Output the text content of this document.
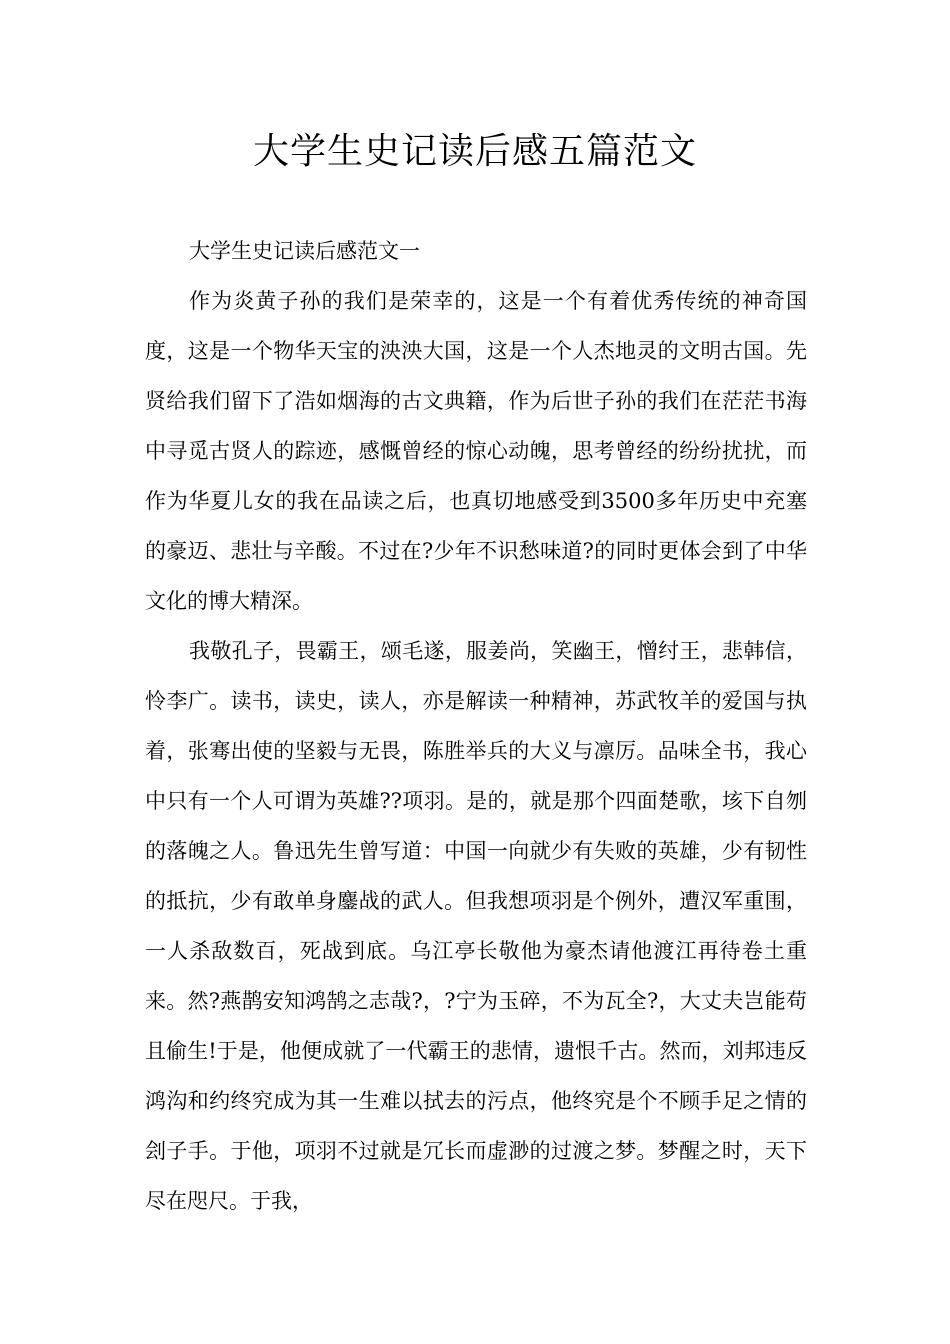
大学生史记读后感五篇范文

大学生史记读后感范文一

作为炎黄子孙的我们是荣幸的，这是一个有着优秀传统的神奇国度，这是一个物华天宝的泱泱大国，这是一个人杰地灵的文明古国。先贤给我们留下了浩如烟海的古文典籍，作为后世子孙的我们在茫茫书海中寻觅古贤人的踪迹，感慨曾经的惊心动魄，思考曾经的纷纷扰扰，而作为华夏儿女的我在品读之后，也真切地感受到3500多年历史中充塞的豪迈、悲壮与辛酸。不过在?少年不识愁味道?的同时更体会到了中华文化的博大精深。

我敬孔子，畏霸王，颂毛遂，服姜尚，笑幽王，憎纣王，悲韩信，怜李广。读书，读史，读人，亦是解读一种精神，苏武牧羊的爱国与执着，张骞出使的坚毅与无畏，陈胜举兵的大义与凛厉。品味全书，我心中只有一个人可谓为英雄??项羽。是的，就是那个四面楚歌，垓下自刎的落魄之人。鲁迅先生曾写道：中国一向就少有失败的英雄，少有韧性的抵抗，少有敢单身鏖战的武人。但我想项羽是个例外，遭汉军重围，一人杀敌数百，死战到底。乌江亭长敬他为豪杰请他渡江再待卷土重来。然?燕鹊安知鸿鹄之志哉?，?宁为玉碎，不为瓦全?，大丈夫岂能苟且偷生!于是，他便成就了一代霸王的悲情，遗恨千古。然而，刘邦违反鸿沟和约终究成为其一生难以拭去的污点，他终究是个不顾手足之情的刽子手。于他，项羽不过就是冗长而虚渺的过渡之梦。梦醒之时，天下尽在咫尺。于我，
